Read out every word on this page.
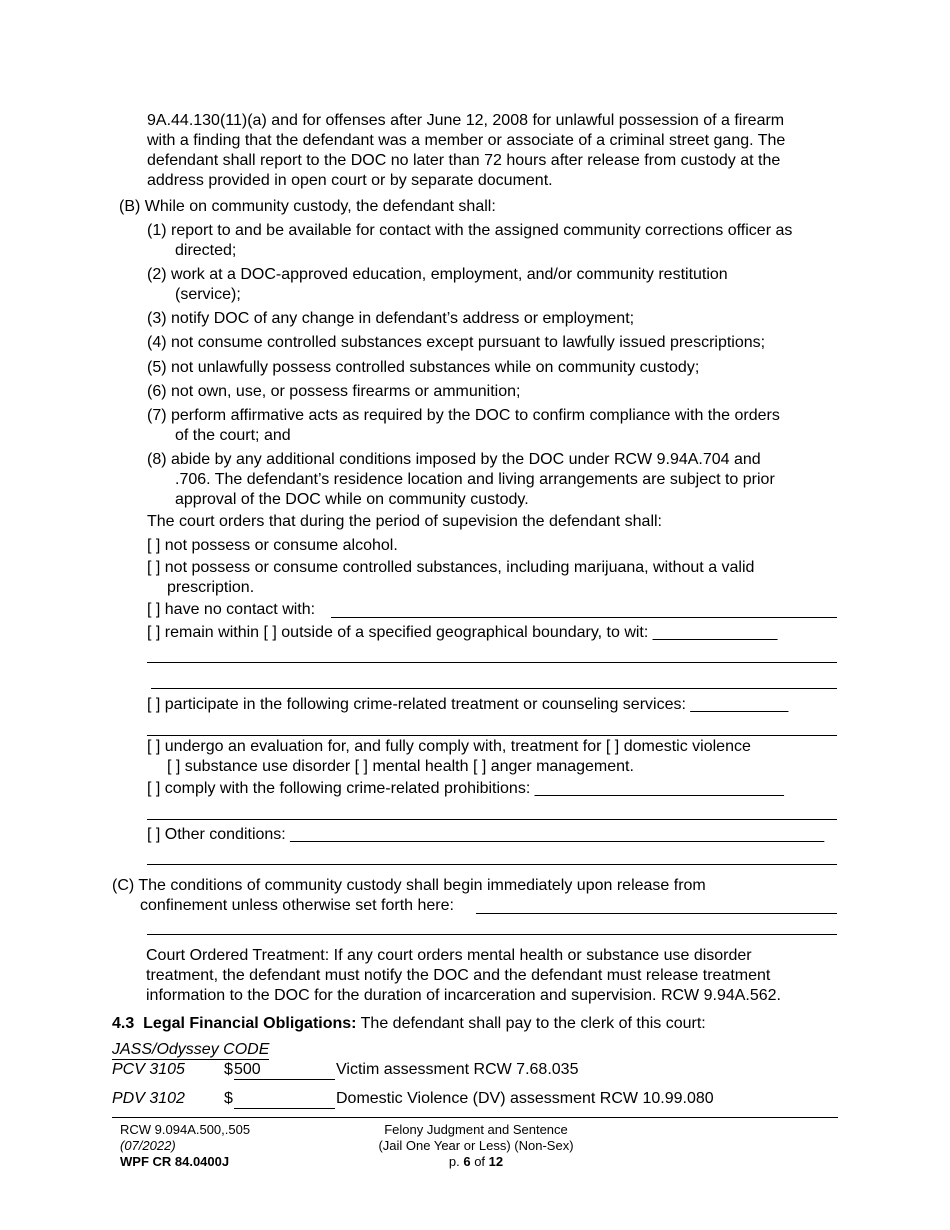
9A.44.130(11)(a) and for offenses after June 12, 2008 for unlawful possession of a firearm
with a finding that the defendant was a member or associate of a criminal street gang. The
defendant shall report to the DOC no later than 72 hours after release from custody at the
address provided in open court or by separate document.
(B) While on community custody, the defendant shall:
(1) report to and be available for contact with the assigned community corrections officer as
directed;
(2) work at a DOC-approved education, employment, and/or community restitution
(service);
(3) notify DOC of any change in defendant’s address or employment;
(4) not consume controlled substances except pursuant to lawfully issued prescriptions;
(5) not unlawfully possess controlled substances while on community custody;
(6) not own, use, or possess firearms or ammunition;
(7) perform affirmative acts as required by the DOC to confirm compliance with the orders
of the court; and
(8) abide by any additional conditions imposed by the DOC under RCW 9.94A.704 and
.706. The defendant’s residence location and living arrangements are subject to prior
approval of the DOC while on community custody.
The court orders that during the period of supevision the defendant shall:
[ ] not possess or consume alcohol.
[ ] not possess or consume controlled substances, including marijuana, without a valid
prescription.
[ ] have no contact with:
[ ] remain within [ ] outside of a specified geographical boundary, to wit: ______________
[ ] participate in the following crime-related treatment or counseling services: ___________
[ ] undergo an evaluation for, and fully comply with, treatment for [ ] domestic violence
[ ] substance use disorder [ ] mental health [ ] anger management.
[ ] comply with the following crime-related prohibitions: ____________________________
[ ] Other conditions: ____________________________________________________________
(C) The conditions of community custody shall begin immediately upon release from
confinement unless otherwise set forth here:
Court Ordered Treatment: If any court orders mental health or substance use disorder
treatment, the defendant must notify the DOC and the defendant must release treatment
information to the DOC for the duration of incarceration and supervision. RCW 9.94A.562.
4.3 Legal Financial Obligations: The defendant shall pay to the clerk of this court:
JASS/Odyssey CODE
PCV 3105 $ 500	Victim assessment RCW 7.68.035
PDV 3102 $	Domestic Violence (DV) assessment RCW 10.99.080
RCW 9.094A.500,.505
(07/2022)
WPF CR 84.0400J
Felony Judgment and Sentence
(Jail One Year or Less) (Non-Sex)
p. 6 of 12
